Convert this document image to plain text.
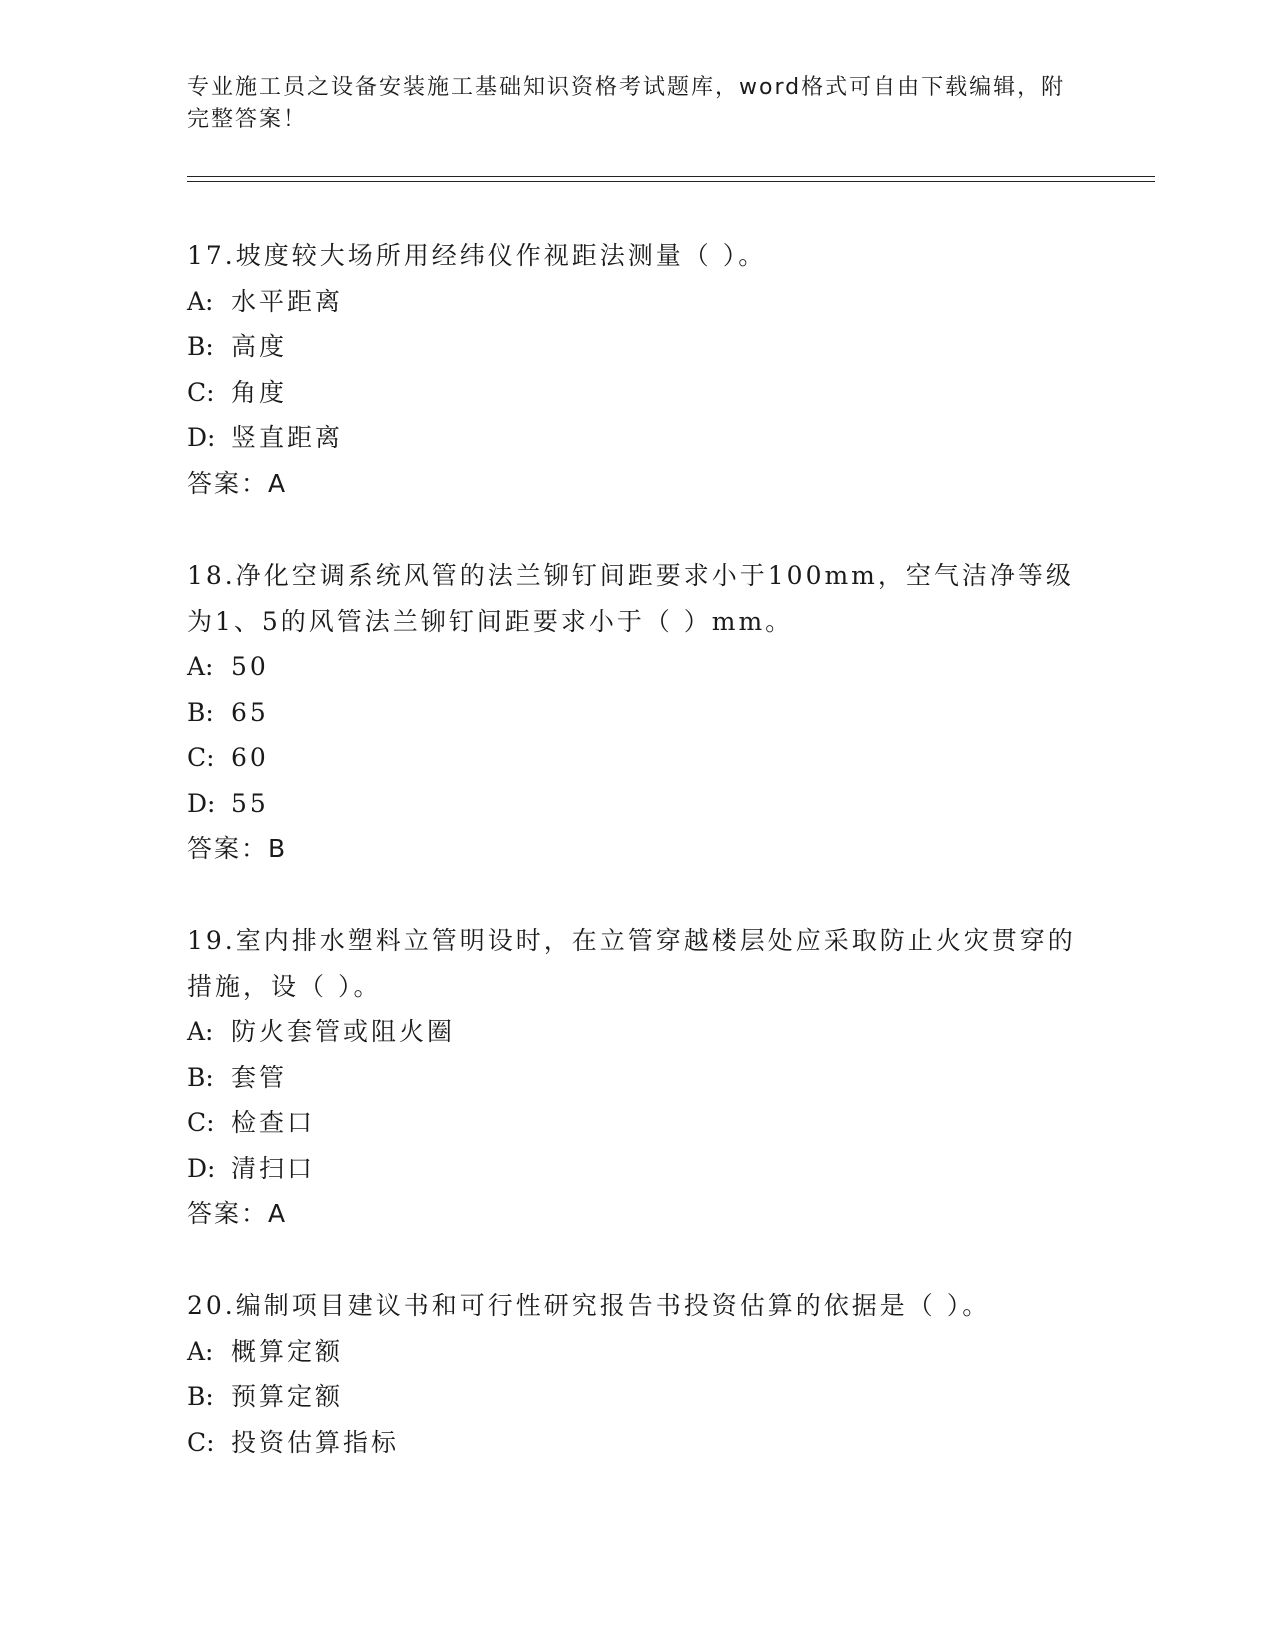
专业施工员之设备安装施工基础知识资格考试题库，word格式可自由下载编辑，附完整答案！

17.坡度较大场所用经纬仪作视距法测量（ ）。

A: 水平距离
B: 高度
C: 角度
D: 竖直距离
答案：A

18.净化空调系统风管的法兰铆钉间距要求小于100mm，空气洁净等级为1、5的风管法兰铆钉间距要求小于（ ）mm。

A: 50
B: 65
C: 60
D: 55
答案：B

19.室内排水塑料立管明设时，在立管穿越楼层处应采取防止火灾贯穿的措施，设（ ）。

A: 防火套管或阻火圈
B: 套管
C: 检查口
D: 清扫口
答案：A

20.编制项目建议书和可行性研究报告书投资估算的依据是（ ）。

A: 概算定额
B: 预算定额
C: 投资估算指标
